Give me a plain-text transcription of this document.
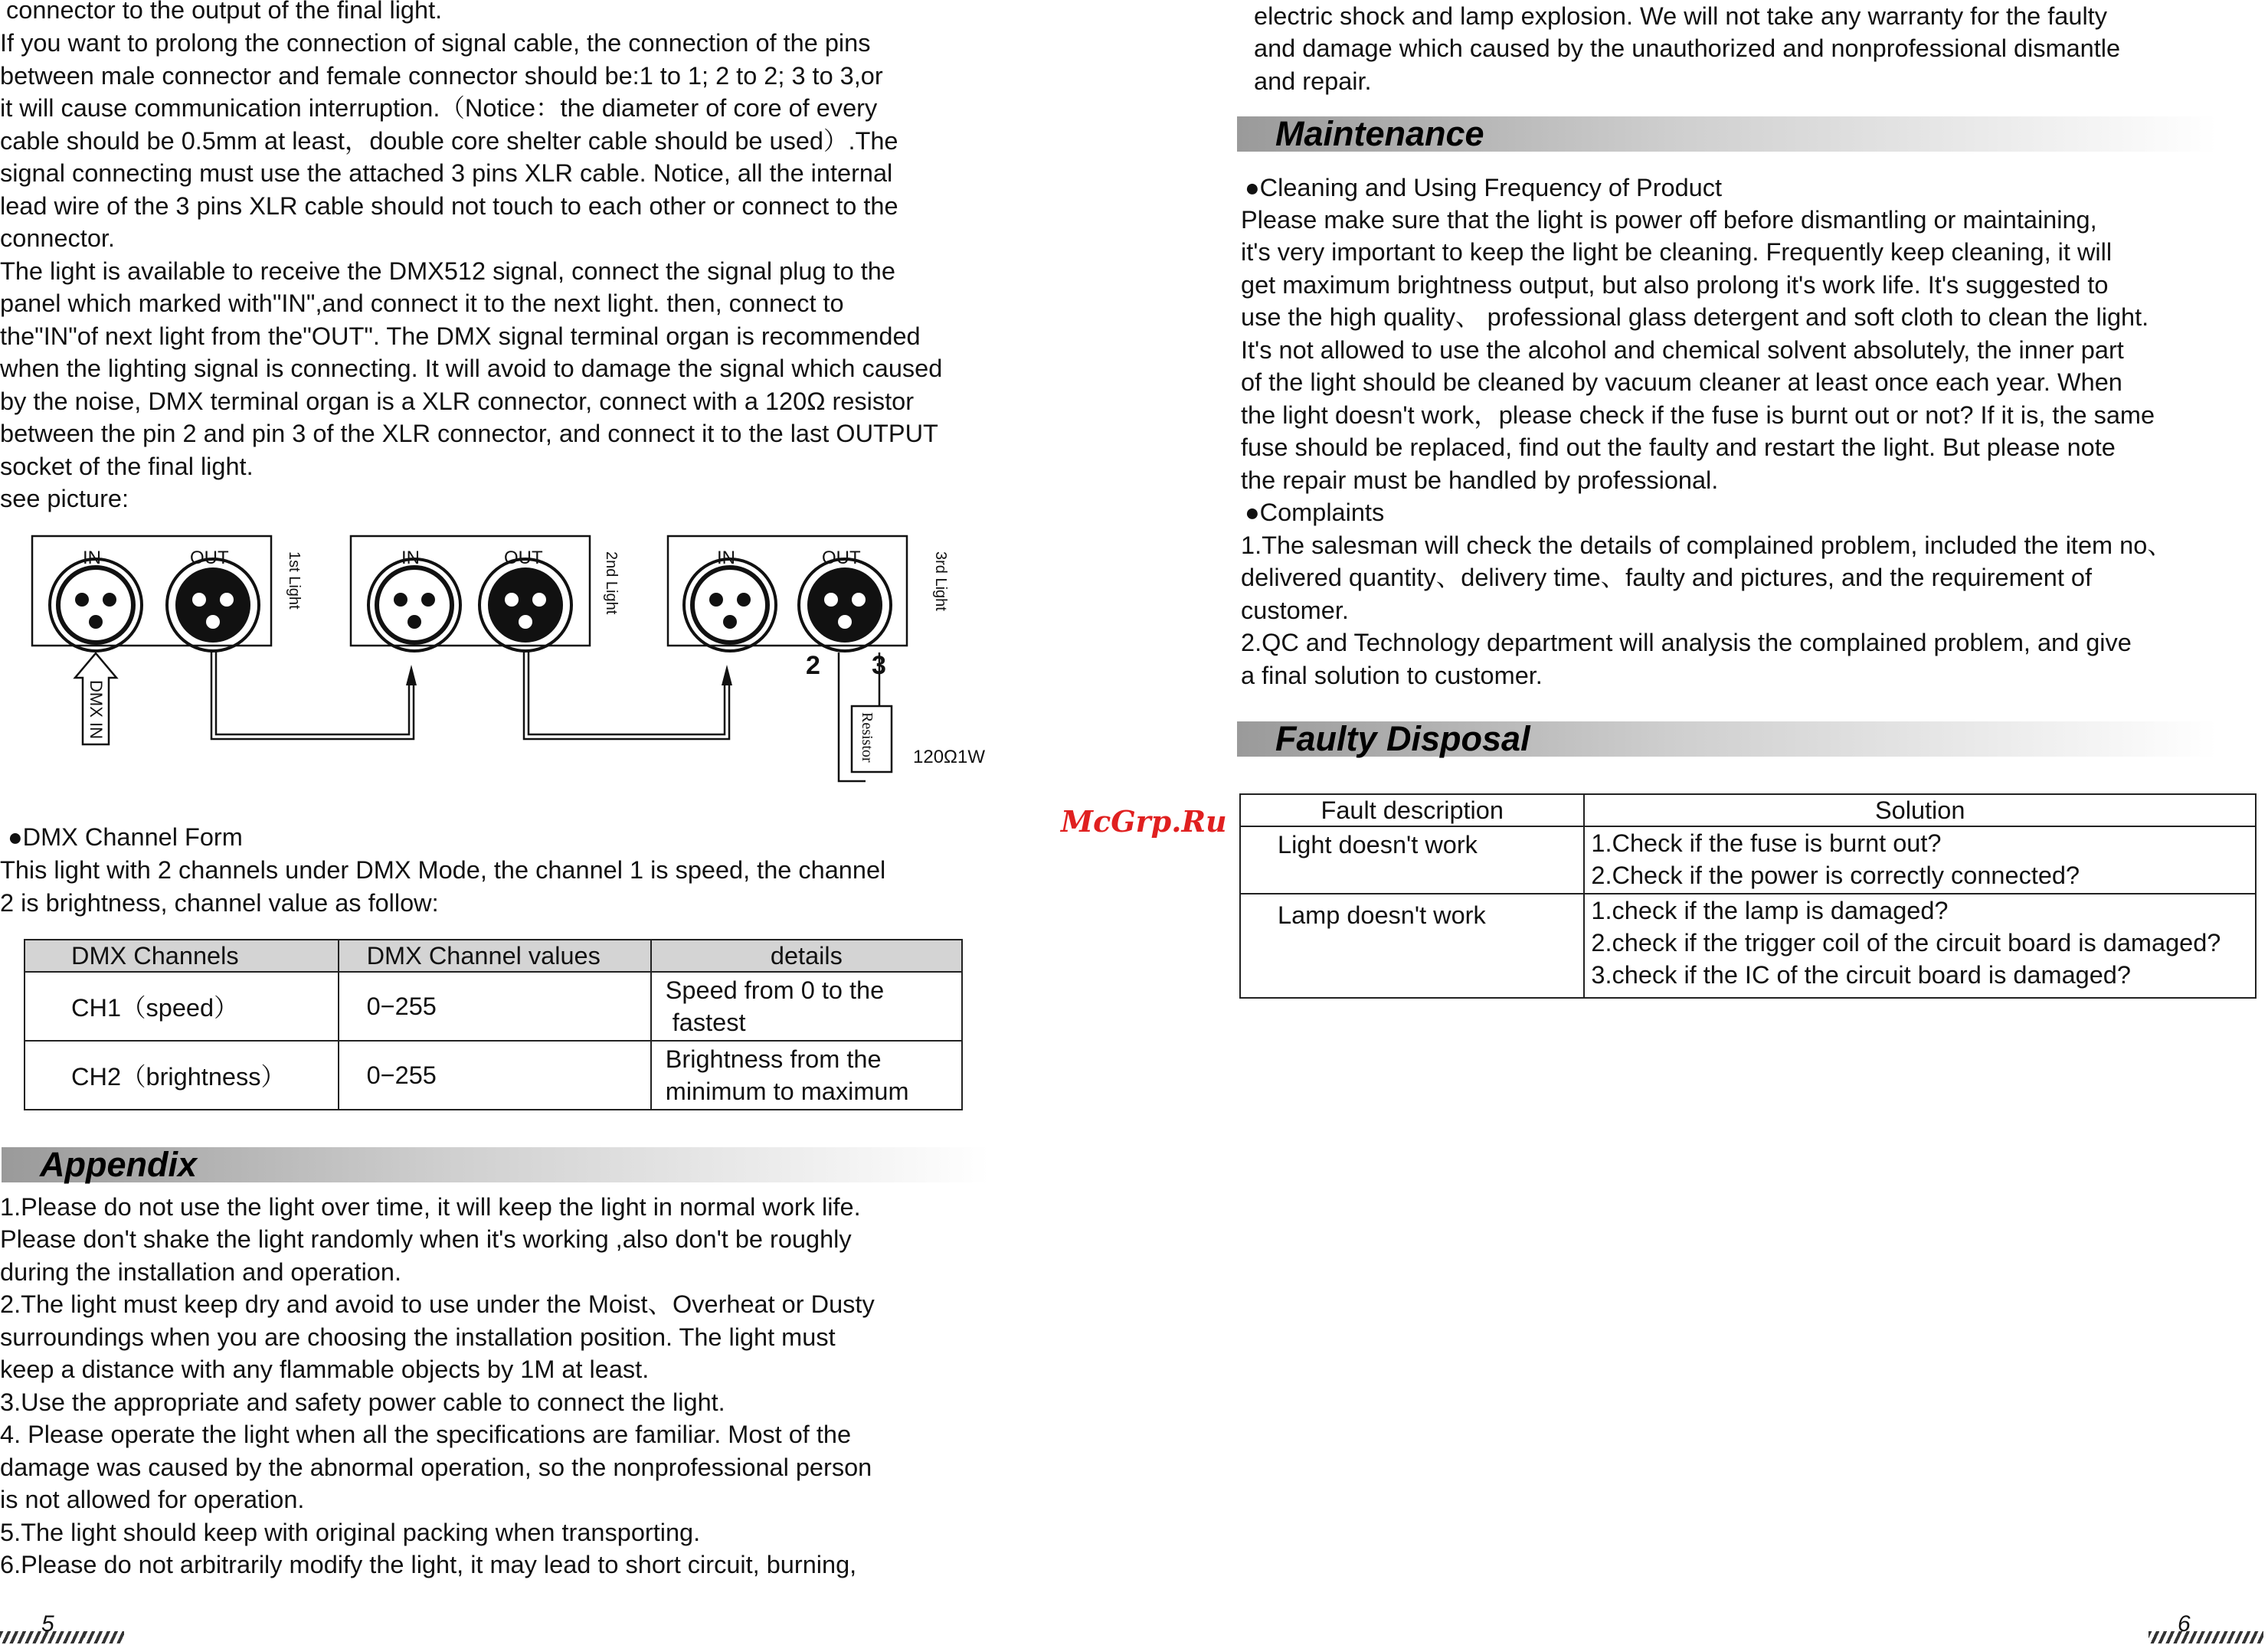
connector to the output of the final light.
If you want to prolong the connection of signal cable, the connection of the pins
between male connector and female connector should be:1 to 1; 2 to 2; 3 to 3,or
it will cause communication interruption.（Notice：the diameter of core of every
cable should be 0.5mm at least，double core shelter cable should be used）.The
signal connecting must use the attached 3 pins XLR cable. Notice, all the internal
lead wire of the 3 pins XLR cable should not touch to each other or connect to the
connector.
The light is available to receive the DMX512 signal, connect the signal plug to the
panel which marked with"IN",and connect it to the next light. then, connect to
the"IN"of next light from the"OUT". The DMX signal terminal organ is recommended
when the lighting signal is connecting. It will avoid to damage the signal which caused
by the noise, DMX terminal organ is a XLR connector, connect with a 120Ω resistor
between the pin 2 and pin 3 of the XLR connector, and connect it to the last OUTPUT
socket of the final light.
see picture:
IN	OUT	IN	OUT	IN	OUT
1st Light	2nd Light	3rd Light
DMX IN
2 3
Resistor 120Ω1W
●DMX Channel Form
This light with 2 channels under DMX Mode, the channel 1 is speed, the channel
2 is brightness, channel value as follow:
DMX Channels	DMX Channel values	details
CH1（speed）	0−255	Speed from 0 to the
fastest

CH2（brightness）	0−255	Brightness from the
minimum to maximum
Appendix
1.Please do not use the light over time, it will keep the light in normal work life.
Please don't shake the light randomly when it's working ,also don't be roughly
during the installation and operation.
2.The light must keep dry and avoid to use under the Moist、Overheat or Dusty
surroundings when you are choosing the installation position. The light must
keep a distance with any flammable objects by 1M at least.
3.Use the appropriate and safety power cable to connect the light.
4. Please operate the light when all the specifications are familiar. Most of the
damage was caused by the abnormal operation, so the nonprofessional person
is not allowed for operation.
5.The light should keep with original packing when transporting.
6.Please do not arbitrarily modify the light, it may lead to short circuit, burning,
5
McGrp.Ru
electric shock and lamp explosion. We will not take any warranty for the faulty
and damage which caused by the unauthorized and nonprofessional dismantle
and repair.
Maintenance
●Cleaning and Using Frequency of Product
Please make sure that the light is power off before dismantling or maintaining,
it's very important to keep the light be cleaning. Frequently keep cleaning, it will
get maximum brightness output, but also prolong it's work life. It's suggested to
use the high quality、 professional glass detergent and soft cloth to clean the light.
It's not allowed to use the alcohol and chemical solvent absolutely, the inner part
of the light should be cleaned by vacuum cleaner at least once each year. When
the light doesn't work，please check if the fuse is burnt out or not? If it is, the same
fuse should be replaced, find out the faulty and restart the light. But please note
the repair must be handled by professional.
●Complaints
1.The salesman will check the details of complained problem, included the item no、
delivered quantity、delivery time、faulty and pictures, and the requirement of
customer.
2.QC and Technology department will analysis the complained problem, and give
a final solution to customer.
Faulty Disposal
Fault description	Solution
Light doesn't work	1.Check if the fuse is burnt out?
2.Check if the power is correctly connected?

Lamp doesn't work	1.check if the lamp is damaged?
2.check if the trigger coil of the circuit board is damaged?
3.check if the IC of the circuit board is damaged?
6
